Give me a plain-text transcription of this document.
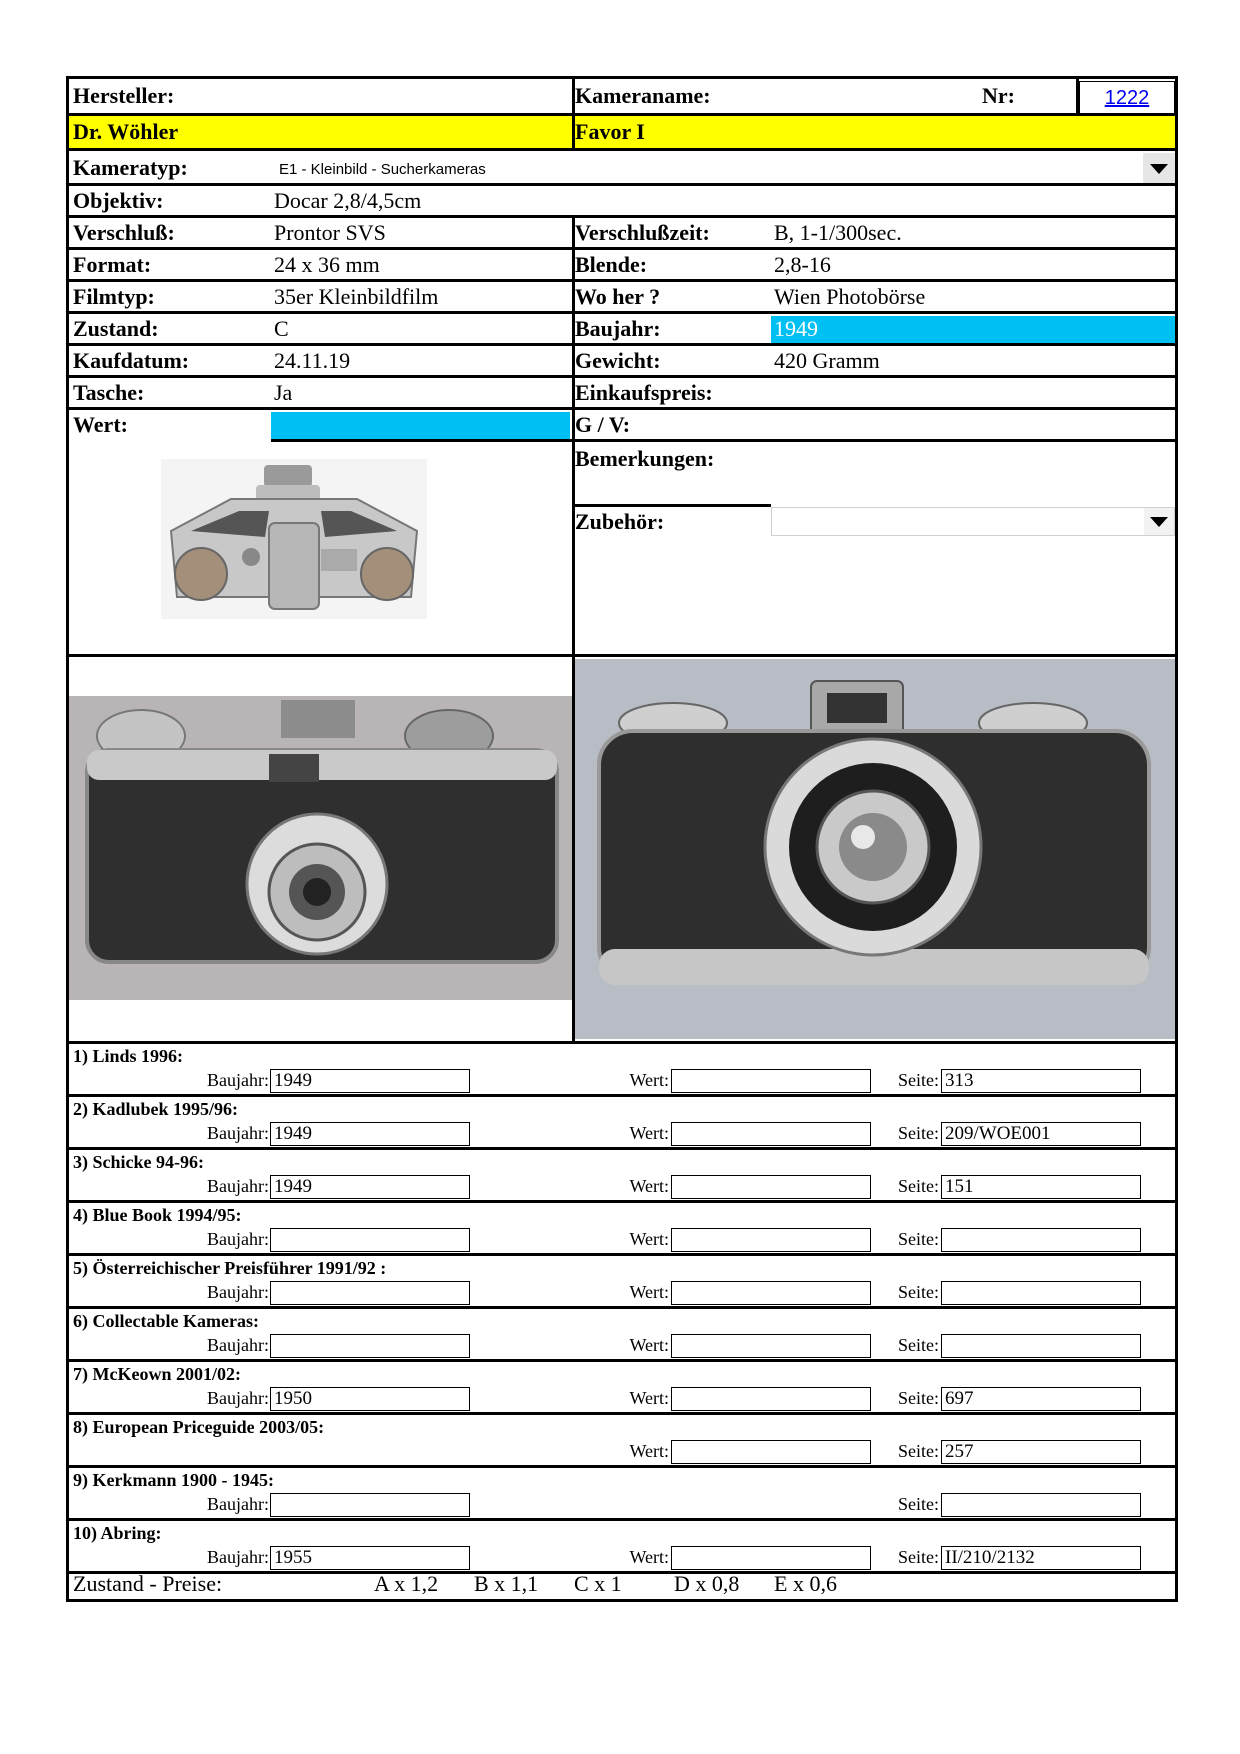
Hersteller:	Kameraname:	Nr:	1222
Dr. Wöhler	Favor I
Kameratyp:	E1 - Kleinbild - Sucherkameras
Objektiv:	Docar 2,8/4,5cm
Verschluß:	Prontor SVS	Verschlußzeit:	B, 1-1/300sec.
Format:	24 x 36 mm	Blende:	2,8-16
Filmtyp:	35er Kleinbildfilm	Wo her ?	Wien Photobörse
Zustand:	C	Baujahr:	1949
Kaufdatum:	24.11.19	Gewicht:	420 Gramm
Tasche:	Ja	Einkaufspreis:
Wert:	G / V:
Bemerkungen:
Zubehör:
1) Linds 1996:
Baujahr: 1949	Wert:	Seite: 313
2) Kadlubek 1995/96:
Baujahr: 1949	Wert:	Seite: 209/WOE001
3) Schicke 94-96:
Baujahr: 1949	Wert:	Seite: 151
4) Blue Book 1994/95:
Baujahr:	Wert:	Seite:
5) Österreichischer Preisführer 1991/92 :
Baujahr:	Wert:	Seite:
6) Collectable Kameras:
Baujahr:	Wert:	Seite:
7) McKeown 2001/02:
Baujahr: 1950	Wert:	Seite: 697
8) European Priceguide 2003/05:
Wert:	Seite: 257
9) Kerkmann 1900 - 1945:
Baujahr:	Seite:
10) Abring:
Baujahr: 1955	Wert:	Seite: II/210/2132
Zustand - Preise:	A x 1,2 B x 1,1 C x 1 D x 0,8 E x 0,6
